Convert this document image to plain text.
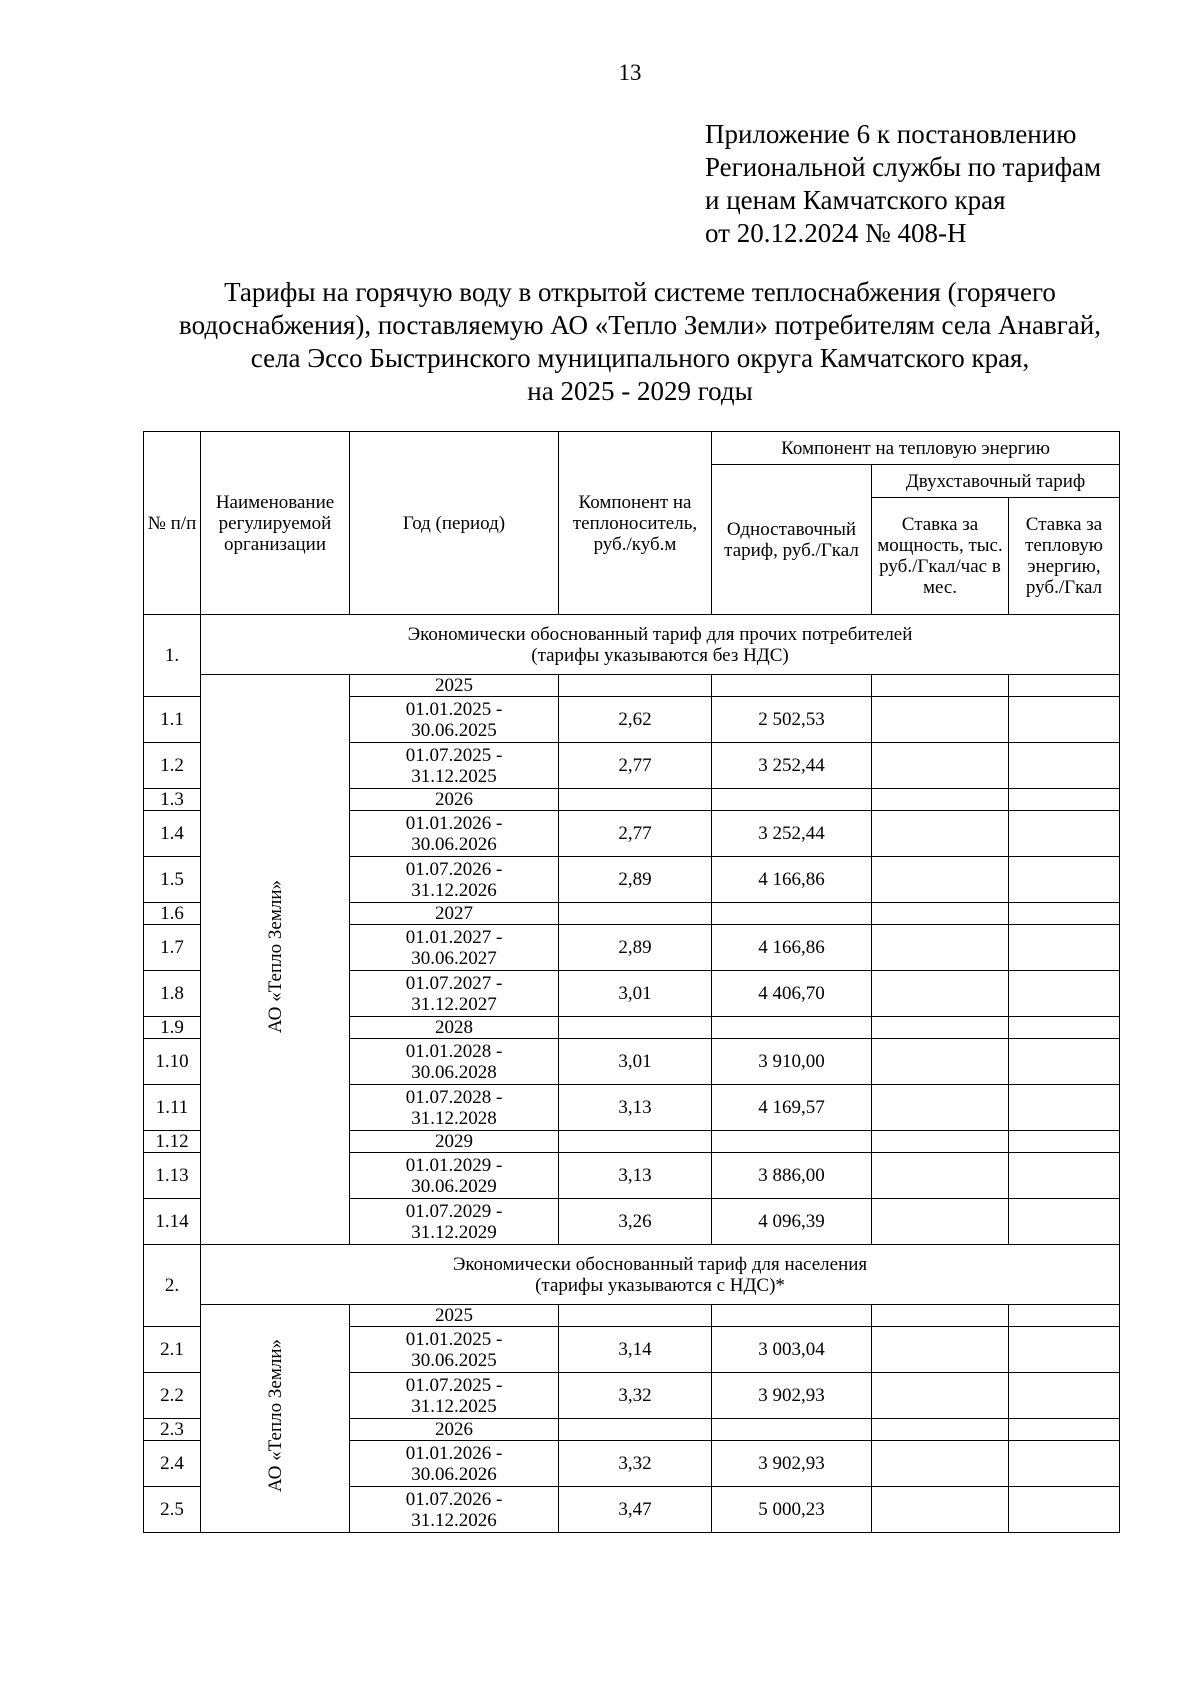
13
Приложение 6 к постановлению
Региональной службы по тарифам
и ценам Камчатского края
от 20.12.2024 № 408-Н
Тарифы на горячую воду в открытой системе теплоснабжения (горячего
водоснабжения), поставляемую АО «Тепло Земли» потребителям села Анавгай,
села Эссо Быстринского муниципального округа Камчатского края,
на 2025 - 2029 годы
№ п/п	Наименование регулируемой организации	Год (период)	Компонент на теплоноситель, руб./куб.м	Компонент на тепловую энергию		
				Одноставочный тариф, руб./Гкал	Двухставочный тариф	
					Ставка за мощность, тыс. руб./Гкал/час в мес.	Ставка за тепловую энергию, руб./Гкал
1.	Экономически обоснованный тариф для прочих потребителей
(тарифы указываются без НДС)					

	АО «Тепло Земли»	2025				
1.1		01.01.2025 -
30.06.2025	2,62	2 502,53		
1.2		01.07.2025 -
31.12.2025	2,77	3 252,44		
1.3		2026				
1.4		01.01.2026 -
30.06.2026	2,77	3 252,44		
1.5		01.07.2026 -
31.12.2026	2,89	4 166,86		
1.6		2027				
1.7		01.01.2027 -
30.06.2027	2,89	4 166,86		
1.8		01.07.2027 -
31.12.2027	3,01	4 406,70		
1.9		2028				
1.10		01.01.2028 -
30.06.2028	3,01	3 910,00		
1.11		01.07.2028 -
31.12.2028	3,13	4 169,57		
1.12		2029				
1.13		01.01.2029 -
30.06.2029	3,13	3 886,00		
1.14		01.07.2029 -
31.12.2029	3,26	4 096,39		
2.	Экономически обоснованный тариф для населения
(тарифы указываются с НДС)*					

	АО «Тепло Земли»	2025				
2.1		01.01.2025 -
30.06.2025	3,14	3 003,04		
2.2		01.07.2025 -
31.12.2025	3,32	3 902,93		
2.3		2026				
2.4		01.01.2026 -
30.06.2026	3,32	3 902,93		
2.5		01.07.2026 -
31.12.2026	3,47	5 000,23		
